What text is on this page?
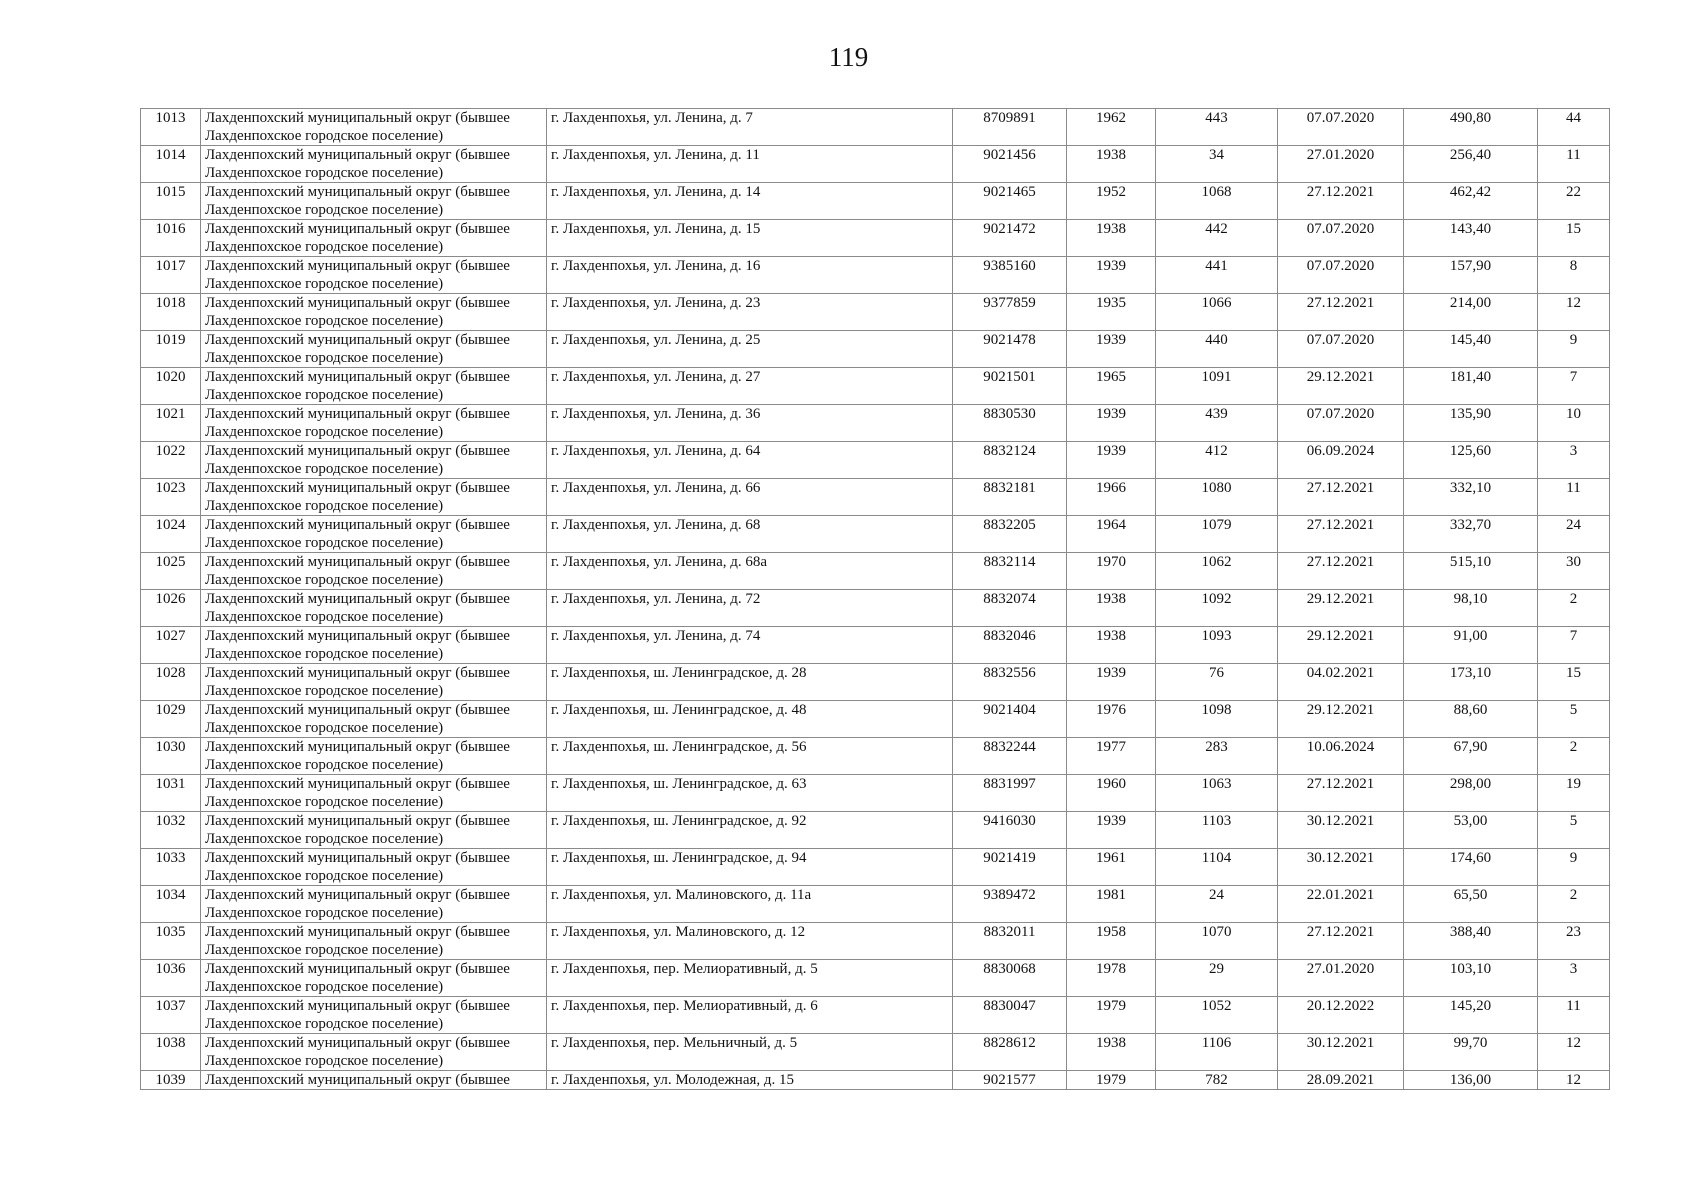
119
1013	Лахденпохский муниципальный округ (бывшее Лахденпохское городское поселение)	г. Лахденпохья, ул. Ленина, д. 7	8709891	1962	443	07.07.2020	490,80	44
1014	Лахденпохский муниципальный округ (бывшее Лахденпохское городское поселение)	г. Лахденпохья, ул. Ленина, д. 11	9021456	1938	34	27.01.2020	256,40	11
1015	Лахденпохский муниципальный округ (бывшее Лахденпохское городское поселение)	г. Лахденпохья, ул. Ленина, д. 14	9021465	1952	1068	27.12.2021	462,42	22
1016	Лахденпохский муниципальный округ (бывшее Лахденпохское городское поселение)	г. Лахденпохья, ул. Ленина, д. 15	9021472	1938	442	07.07.2020	143,40	15
1017	Лахденпохский муниципальный округ (бывшее Лахденпохское городское поселение)	г. Лахденпохья, ул. Ленина, д. 16	9385160	1939	441	07.07.2020	157,90	8
1018	Лахденпохский муниципальный округ (бывшее Лахденпохское городское поселение)	г. Лахденпохья, ул. Ленина, д. 23	9377859	1935	1066	27.12.2021	214,00	12
1019	Лахденпохский муниципальный округ (бывшее Лахденпохское городское поселение)	г. Лахденпохья, ул. Ленина, д. 25	9021478	1939	440	07.07.2020	145,40	9
1020	Лахденпохский муниципальный округ (бывшее Лахденпохское городское поселение)	г. Лахденпохья, ул. Ленина, д. 27	9021501	1965	1091	29.12.2021	181,40	7
1021	Лахденпохский муниципальный округ (бывшее Лахденпохское городское поселение)	г. Лахденпохья, ул. Ленина, д. 36	8830530	1939	439	07.07.2020	135,90	10
1022	Лахденпохский муниципальный округ (бывшее Лахденпохское городское поселение)	г. Лахденпохья, ул. Ленина, д. 64	8832124	1939	412	06.09.2024	125,60	3
1023	Лахденпохский муниципальный округ (бывшее Лахденпохское городское поселение)	г. Лахденпохья, ул. Ленина, д. 66	8832181	1966	1080	27.12.2021	332,10	11
1024	Лахденпохский муниципальный округ (бывшее Лахденпохское городское поселение)	г. Лахденпохья, ул. Ленина, д. 68	8832205	1964	1079	27.12.2021	332,70	24
1025	Лахденпохский муниципальный округ (бывшее Лахденпохское городское поселение)	г. Лахденпохья, ул. Ленина, д. 68а	8832114	1970	1062	27.12.2021	515,10	30
1026	Лахденпохский муниципальный округ (бывшее Лахденпохское городское поселение)	г. Лахденпохья, ул. Ленина, д. 72	8832074	1938	1092	29.12.2021	98,10	2
1027	Лахденпохский муниципальный округ (бывшее Лахденпохское городское поселение)	г. Лахденпохья, ул. Ленина, д. 74	8832046	1938	1093	29.12.2021	91,00	7
1028	Лахденпохский муниципальный округ (бывшее Лахденпохское городское поселение)	г. Лахденпохья, ш. Ленинградское, д. 28	8832556	1939	76	04.02.2021	173,10	15
1029	Лахденпохский муниципальный округ (бывшее Лахденпохское городское поселение)	г. Лахденпохья, ш. Ленинградское, д. 48	9021404	1976	1098	29.12.2021	88,60	5
1030	Лахденпохский муниципальный округ (бывшее Лахденпохское городское поселение)	г. Лахденпохья, ш. Ленинградское, д. 56	8832244	1977	283	10.06.2024	67,90	2
1031	Лахденпохский муниципальный округ (бывшее Лахденпохское городское поселение)	г. Лахденпохья, ш. Ленинградское, д. 63	8831997	1960	1063	27.12.2021	298,00	19
1032	Лахденпохский муниципальный округ (бывшее Лахденпохское городское поселение)	г. Лахденпохья, ш. Ленинградское, д. 92	9416030	1939	1103	30.12.2021	53,00	5
1033	Лахденпохский муниципальный округ (бывшее Лахденпохское городское поселение)	г. Лахденпохья, ш. Ленинградское, д. 94	9021419	1961	1104	30.12.2021	174,60	9
1034	Лахденпохский муниципальный округ (бывшее Лахденпохское городское поселение)	г. Лахденпохья, ул. Малиновского, д. 11а	9389472	1981	24	22.01.2021	65,50	2
1035	Лахденпохский муниципальный округ (бывшее Лахденпохское городское поселение)	г. Лахденпохья, ул. Малиновского, д. 12	8832011	1958	1070	27.12.2021	388,40	23
1036	Лахденпохский муниципальный округ (бывшее Лахденпохское городское поселение)	г. Лахденпохья, пер. Мелиоративный, д. 5	8830068	1978	29	27.01.2020	103,10	3
1037	Лахденпохский муниципальный округ (бывшее Лахденпохское городское поселение)	г. Лахденпохья, пер. Мелиоративный, д. 6	8830047	1979	1052	20.12.2022	145,20	11
1038	Лахденпохский муниципальный округ (бывшее Лахденпохское городское поселение)	г. Лахденпохья, пер. Мельничный, д. 5	8828612	1938	1106	30.12.2021	99,70	12
1039	Лахденпохский муниципальный округ (бывшее	г. Лахденпохья, ул. Молодежная, д. 15	9021577	1979	782	28.09.2021	136,00	12
